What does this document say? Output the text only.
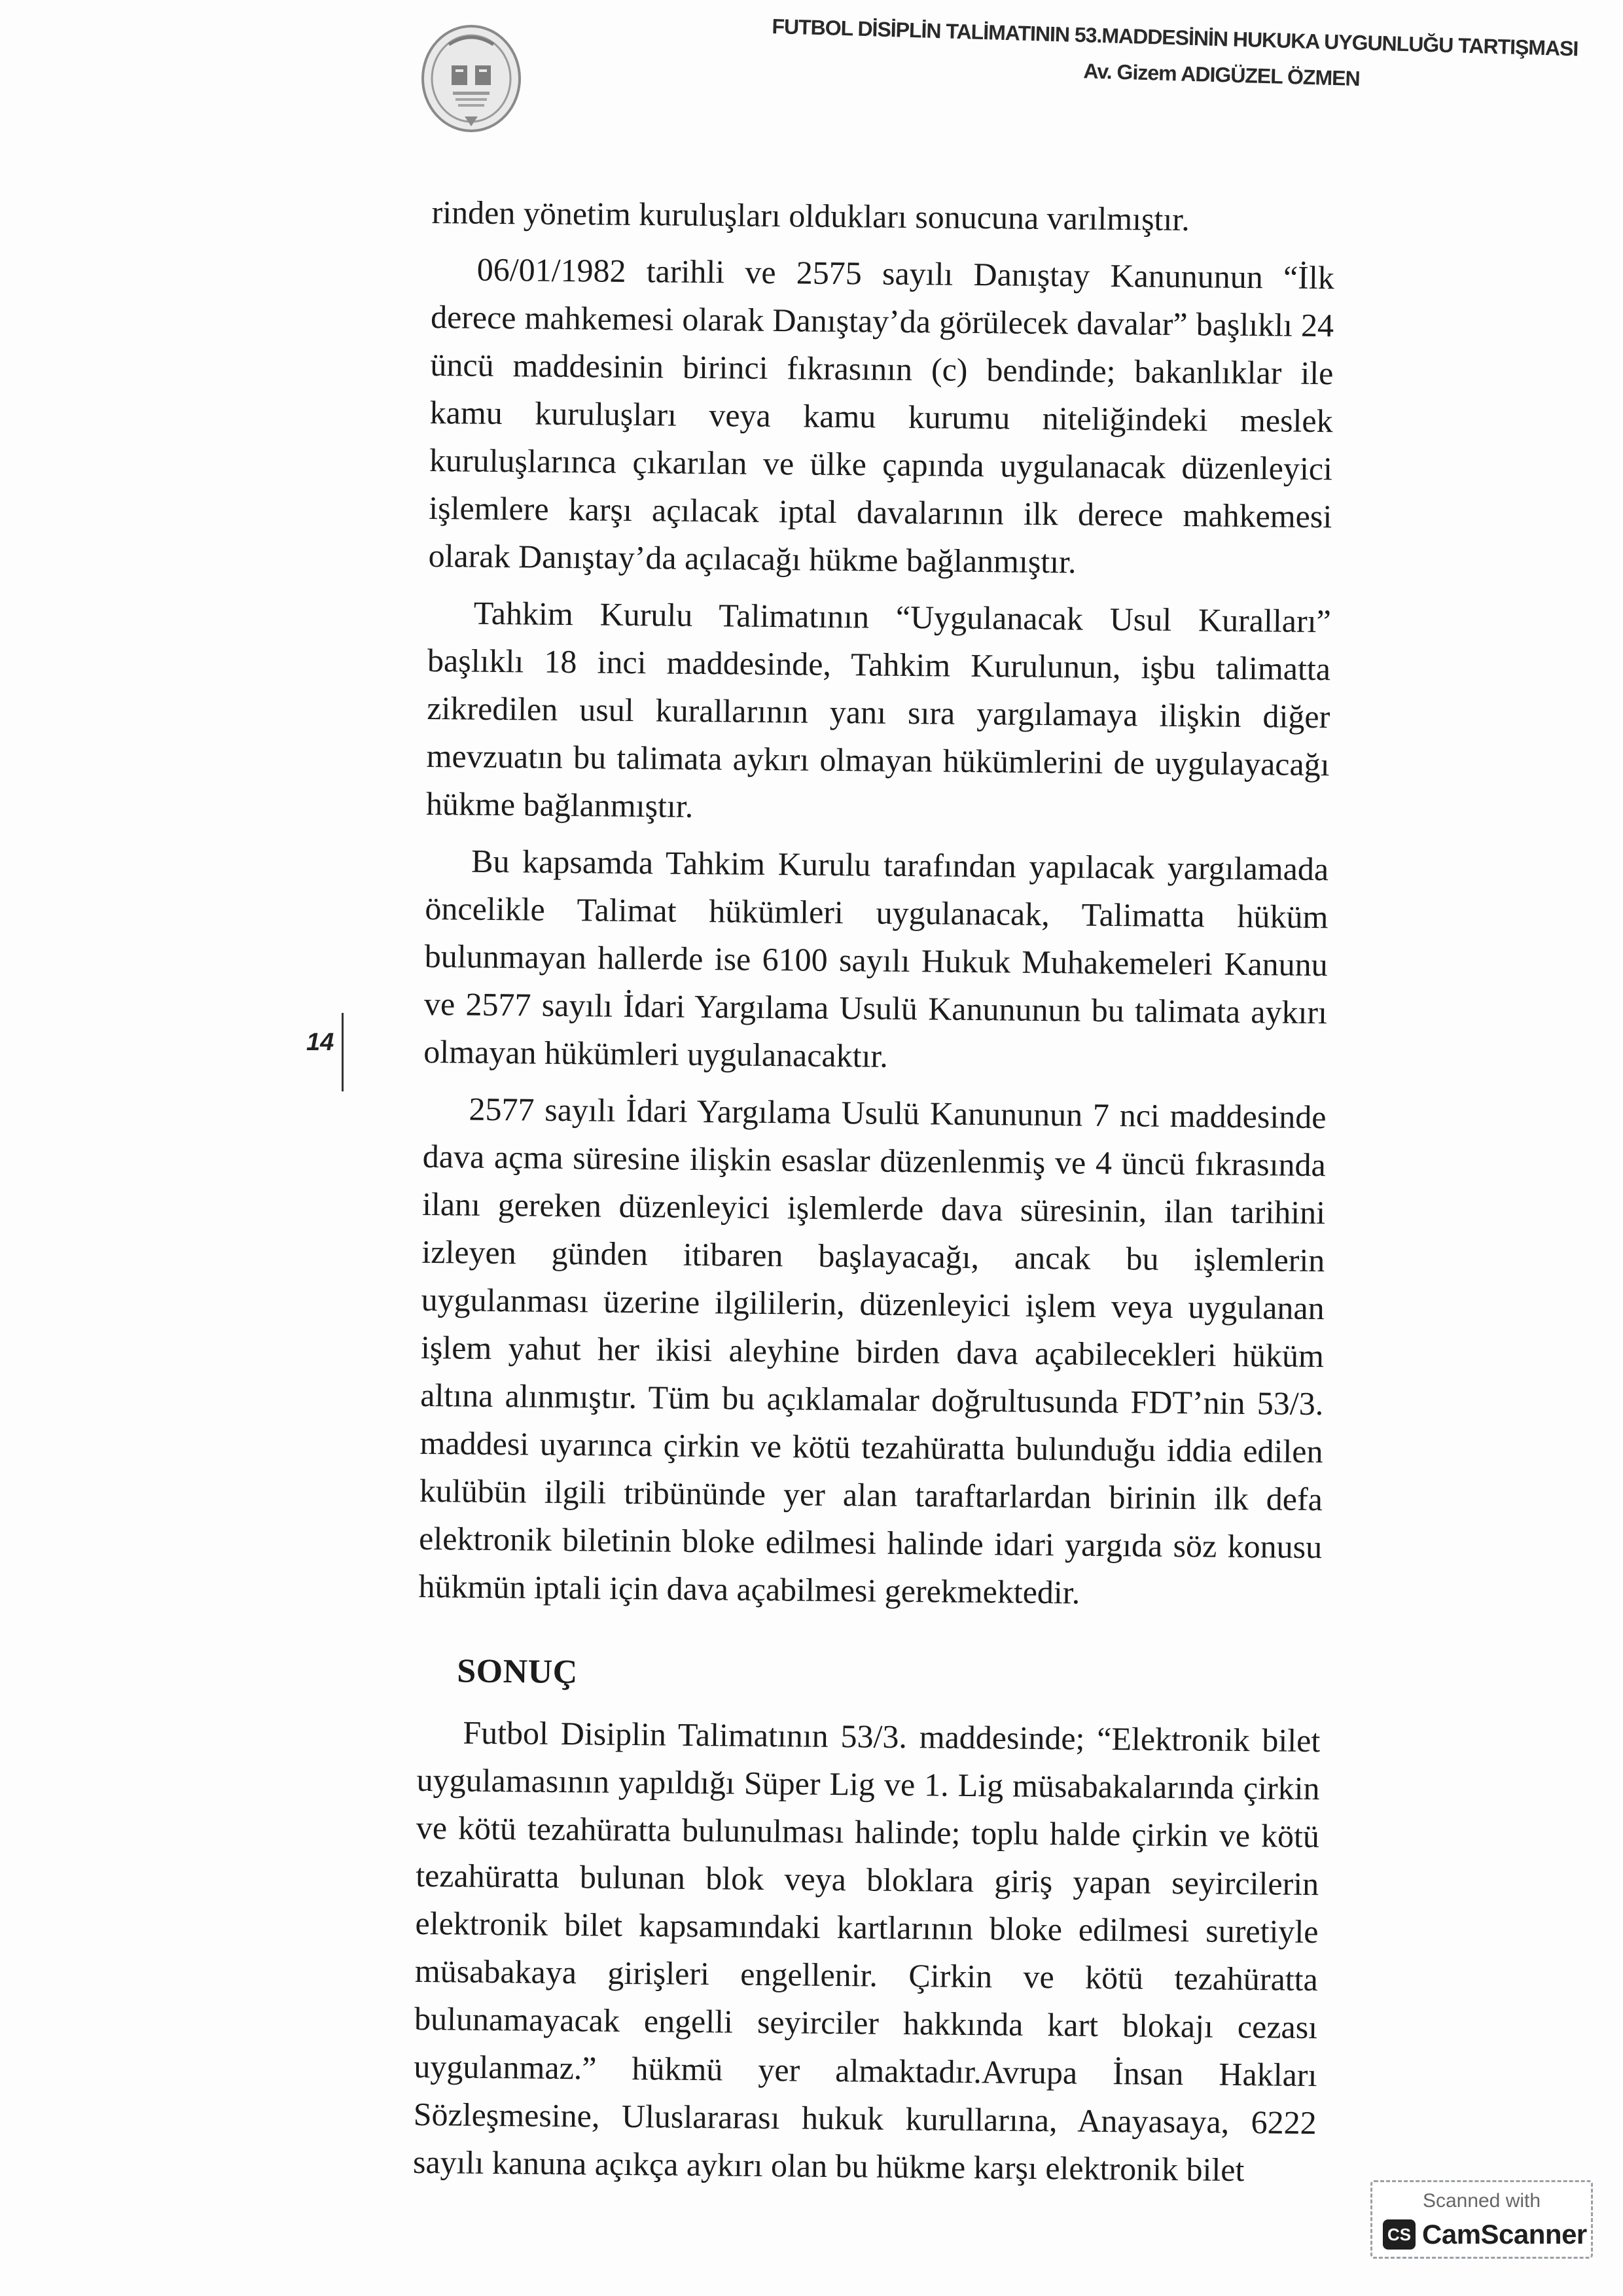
FUTBOL DİSİPLİN TALİMATININ 53.MADDESİNİN HUKUKA UYGUNLUĞU TARTIŞMASI
Av. Gizem ADIGÜZEL ÖZMEN
14

rinden yönetim kuruluşları oldukları sonucuna varılmıştır.

06/01/1982 tarihli ve 2575 sayılı Danıştay Kanununun “İlk derece mahkemesi olarak Danıştay’da görülecek davalar” başlıklı 24 üncü maddesinin birinci fıkrasının (c) bendinde; bakanlıklar ile kamu kuruluşları veya kamu kurumu niteliğindeki meslek kuruluşlarınca çıkarılan ve ülke çapında uygulanacak düzenleyici işlemlere karşı açılacak iptal davalarının ilk derece mahkemesi olarak Danıştay’da açılacağı hükme bağlanmıştır.

Tahkim Kurulu Talimatının “Uygulanacak Usul Kuralları” başlıklı 18 inci maddesinde, Tahkim Kurulunun, işbu talimatta zikredilen usul kurallarının yanı sıra yargılamaya ilişkin diğer mevzuatın bu talimata aykırı olmayan hükümlerini de uygulayacağı hükme bağlanmıştır.

Bu kapsamda Tahkim Kurulu tarafından yapılacak yargılamada öncelikle Talimat hükümleri uygulanacak, Talimatta hüküm bulunmayan hallerde ise 6100 sayılı Hukuk Muhakemeleri Kanunu ve 2577 sayılı İdari Yargılama Usulü Kanununun bu talimata aykırı olmayan hükümleri uygulanacaktır.

2577 sayılı İdari Yargılama Usulü Kanununun 7 nci maddesinde dava açma süresine ilişkin esaslar düzenlenmiş ve 4 üncü fıkrasında ilanı gereken düzenleyici işlemlerde dava süresinin, ilan tarihini izleyen günden itibaren başlayacağı, ancak bu işlemlerin uygulanması üzerine ilgililerin, düzenleyici işlem veya uygulanan işlem yahut her ikisi aleyhine birden dava açabilecekleri hüküm altına alınmıştır. Tüm bu açıklamalar doğrultusunda FDT’nin 53/3. maddesi uyarınca çirkin ve kötü tezahüratta bulunduğu iddia edilen kulübün ilgili tribününde yer alan taraftarlardan birinin ilk defa elektronik biletinin bloke edilmesi halinde idari yargıda söz konusu hükmün iptali için dava açabilmesi gerekmektedir.

SONUÇ

Futbol Disiplin Talimatının 53/3. maddesinde; “Elektronik bilet uygulamasının yapıldığı Süper Lig ve 1. Lig müsabakalarında çirkin ve kötü tezahüratta bulunulması halinde; toplu halde çirkin ve kötü tezahüratta bulunan blok veya bloklara giriş yapan seyircilerin elektronik bilet kapsamındaki kartlarının bloke edilmesi suretiyle müsabakaya girişleri engellenir. Çirkin ve kötü tezahüratta bulunamayacak engelli seyirciler hakkında kart blokajı cezası uygulanmaz.” hükmü yer almaktadır.Avrupa İnsan Hakları Sözleşmesine, Uluslararası hukuk kurullarına, Anayasaya, 6222 sayılı kanuna açıkça aykırı olan bu hükme karşı elektronik bilet

Scanned with
CS CamScanner
